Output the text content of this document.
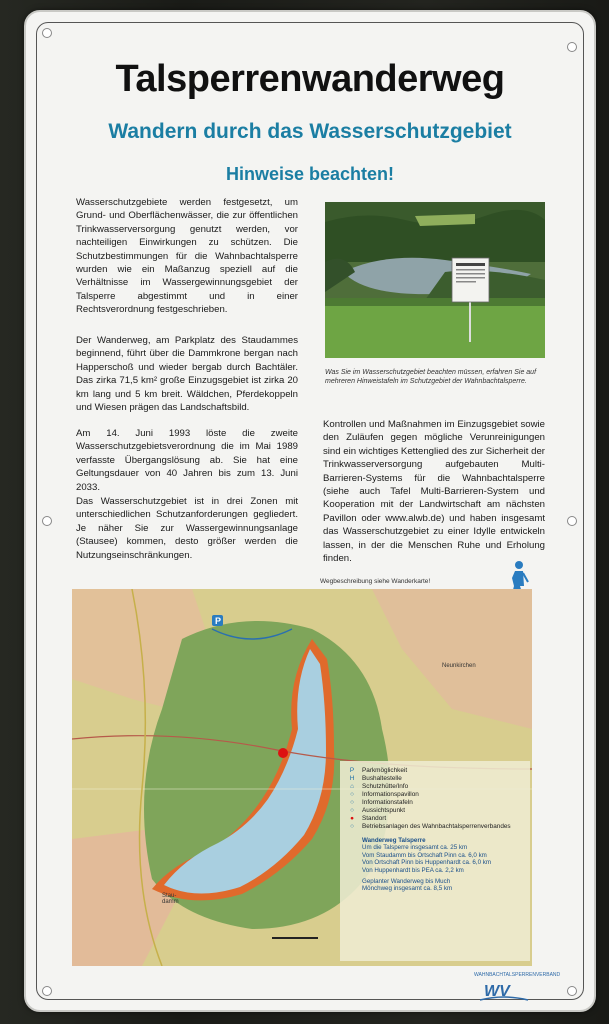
Talsperrenwanderweg
Wandern durch das Wasserschutzgebiet
Hinweise beachten!
Wasserschutzgebiete werden festgesetzt, um Grund- und Oberflächenwässer, die zur öffentlichen Trinkwasserversorgung genutzt werden, vor nachteiligen Einwirkungen zu schützen. Die Schutzbestimmungen für die Wahnbachtalsperre wurden wie ein Maßanzug speziell auf die Verhältnisse im Wassergewinnungsgebiet der Talsperre abgestimmt und in einer Rechtsverordnung festgeschrieben.
Der Wanderweg, am Parkplatz des Staudammes beginnend, führt über die Dammkrone bergan nach Happerschoß und wieder bergab durch Bachtäler. Das zirka 71,5 km² große Einzugsgebiet ist zirka 20 km lang und 5 km breit. Wäldchen, Pferdekoppeln und Wiesen prägen das Landschaftsbild.
Am 14. Juni 1993 löste die zweite Wasserschutzgebietsverordnung die im Mai 1989 verfasste Übergangslösung ab. Sie hat eine Geltungsdauer von 40 Jahren bis zum 13. Juni 2033.
Das Wasserschutzgebiet ist in drei Zonen mit unterschiedlichen Schutzanforderungen gegliedert. Je näher Sie zur Wassergewinnungsanlage (Stausee) kommen, desto größer werden die Nutzungseinschränkungen.
Kontrollen und Maßnahmen im Einzugsgebiet sowie den Zuläufen gegen mögliche Verunreinigungen sind ein wichtiges Kettenglied des zur Sicherheit der Trinkwasserversorgung aufgebauten Multi-Barrieren-Systems für die Wahnbachtalsperre (siehe auch Tafel Multi-Barrieren-System und Kooperation mit der Landwirtschaft am nächsten Pavillon oder www.alwb.de) und haben insgesamt das Wasserschutzgebiet zu einer Idylle entwickeln lassen, in der die Menschen Ruhe und Erholung finden.
Was Sie im Wasserschutzgebiet beachten müssen, erfahren Sie auf mehreren Hinweistafeln im Schutzgebiet der Wahnbachtalsperre.
Wegbeschreibung siehe Wanderkarte!
P
Neunkirchen
Stau-damm
P	Parkmöglichkeit
H	Bushaltestelle
⌂	Schutzhütte/Info
○	Informationspavillon
○	Informationstafeln
○	Aussichtspunkt
●	Standort
○	Betriebsanlagen des Wahnbachtalsperrenverbandes
Wanderweg Talsperre
Um die Talsperre insgesamt ca. 25 km
Vom Staudamm bis Ortschaft Pinn ca. 6,0 km
Von Ortschaft Pinn bis Huppenhardt ca. 6,0 km
Von Huppenhardt bis PEA ca. 2,2 km
Geplanter Wanderweg bis Much
Mönchweg insgesamt ca. 8,5 km
WAHNBACHTALSPERRENVERBAND
WV
